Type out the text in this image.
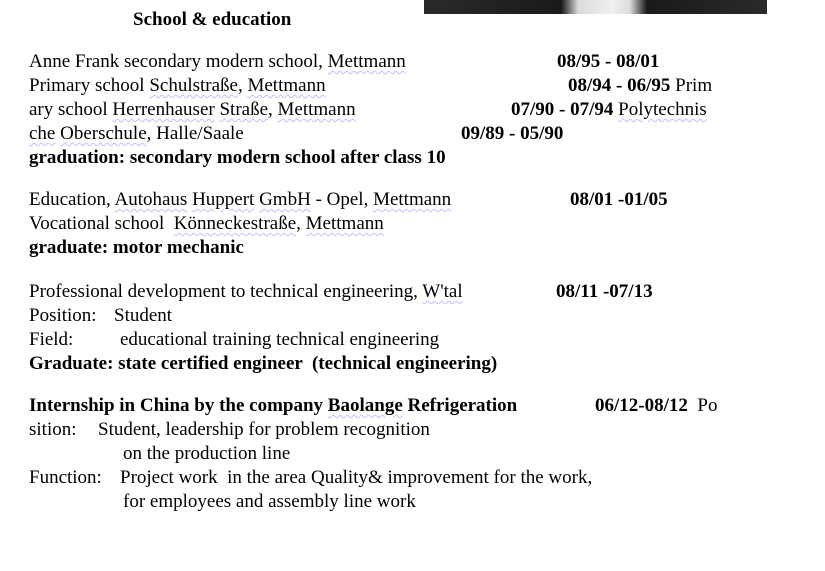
School & education
Anne Frank secondary modern school, Mettmann	08/95 - 08/01
Primary school Schulstraße, Mettmann	08/94 - 06/95 Prim
ary school Herrenhauser Straße, Mettmann	07/90 - 07/94 Polytechnis
che Oberschule, Halle/Saale	09/89 - 05/90
graduation: secondary modern school after class 10
Education, Autohaus Huppert GmbH - Opel, Mettmann	08/01 -01/05
Vocational school  Könneckestraße, Mettmann
graduate: motor mechanic
Professional development to technical engineering, W'tal	08/11 -07/13
Position: Student
Field: educational training technical engineering
Graduate: state certified engineer  (technical engineering)
Internship in China by the company Baolange Refrigeration	06/12-08/12  Po
sition: Student, leadership for problem recognition
on the production line
Function: Project work  in the area Quality& improvement for the work,
for employees and assembly line work
